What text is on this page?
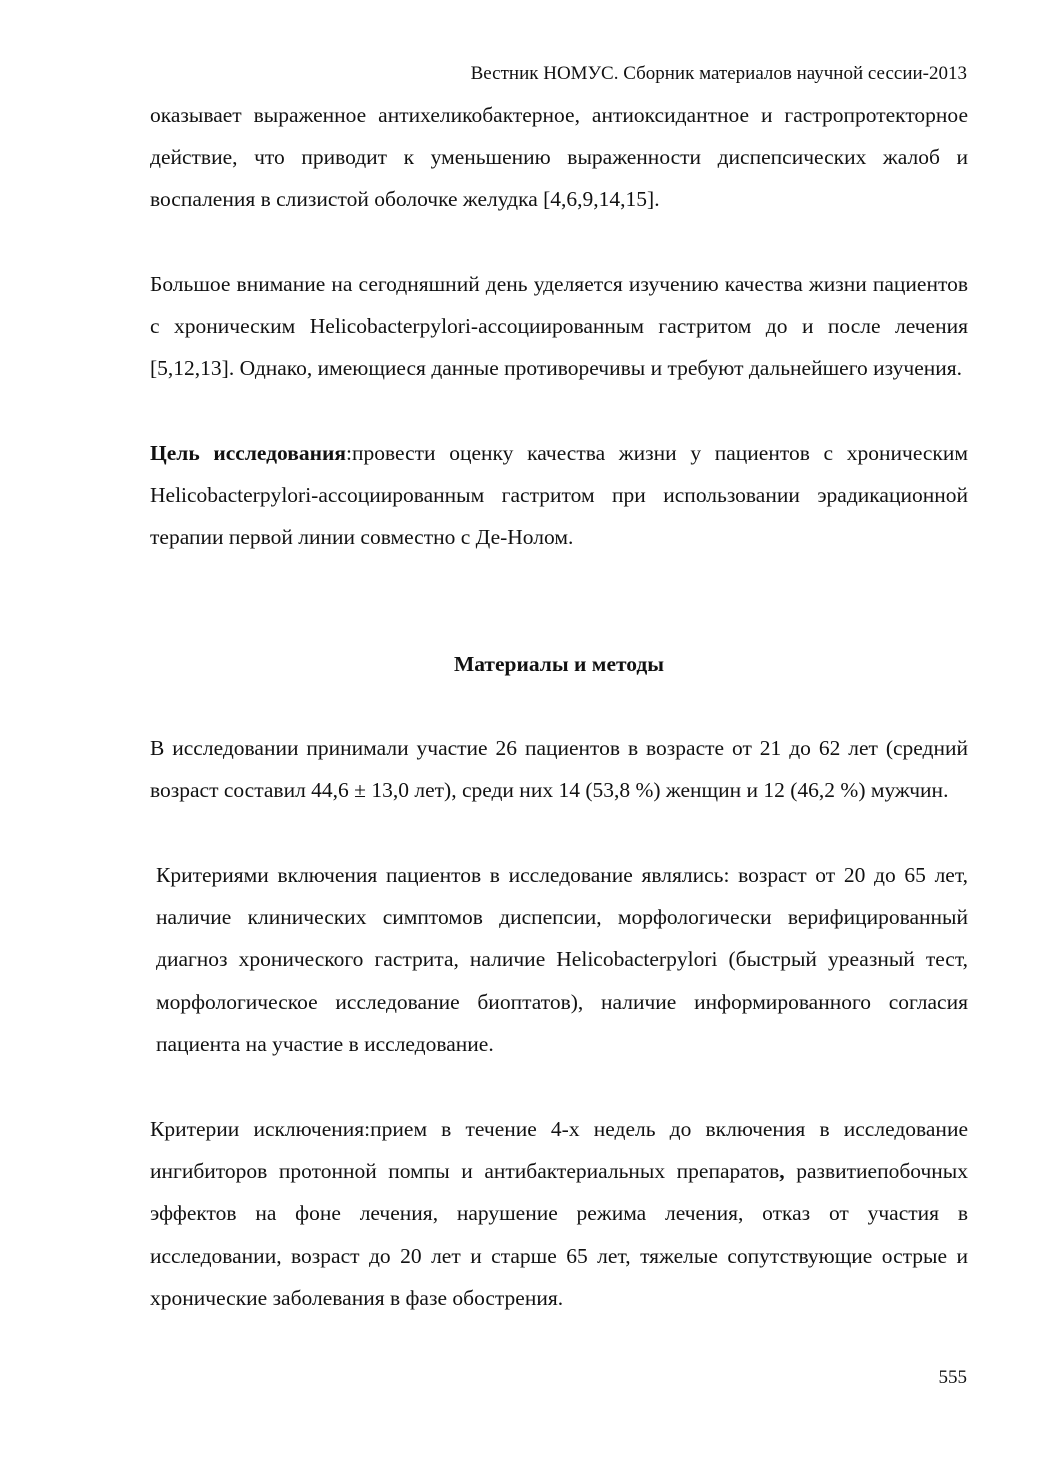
Вестник НОМУС. Сборник материалов научной сессии-2013

оказывает выраженное антихеликобактерное, антиоксидантное и гастропротекторное действие, что приводит к уменьшению выраженности диспепсических жалоб и воспаления в слизистой оболочке желудка [4,6,9,14,15].

Большое внимание на сегодняшний день уделяется изучению качества жизни пациентов с хроническим Helicobacterpylori-ассоциированным гастритом до и после лечения [5,12,13]. Однако, имеющиеся данные противоречивы и требуют дальнейшего изучения.

Цель исследования:провести оценку качества жизни у пациентов с хроническим Helicobacterpylori-ассоциированным гастритом при использовании эрадикационной терапии первой линии совместно с Де-Нолом.

Материалы и методы

В исследовании принимали участие 26 пациентов в возрасте от 21 до 62 лет (средний возраст составил 44,6 ± 13,0 лет), среди них 14 (53,8 %) женщин и 12 (46,2 %) мужчин.

Критериями включения пациентов в исследование являлись: возраст от 20 до 65 лет, наличие клинических симптомов диспепсии, морфологически верифицированный диагноз хронического гастрита, наличие Helicobacterpylori (быстрый уреазный тест, морфологическое исследование биоптатов), наличие информированного согласия пациента на участие в исследование.

Критерии исключения:прием в течение 4-х недель до включения в исследование ингибиторов протонной помпы и антибактериальных препаратов, развитиепобочных эффектов на фоне лечения, нарушение режима лечения, отказ от участия в исследовании, возраст до 20 лет и старше 65 лет, тяжелые сопутствующие острые и хронические заболевания в фазе обострения.

555
